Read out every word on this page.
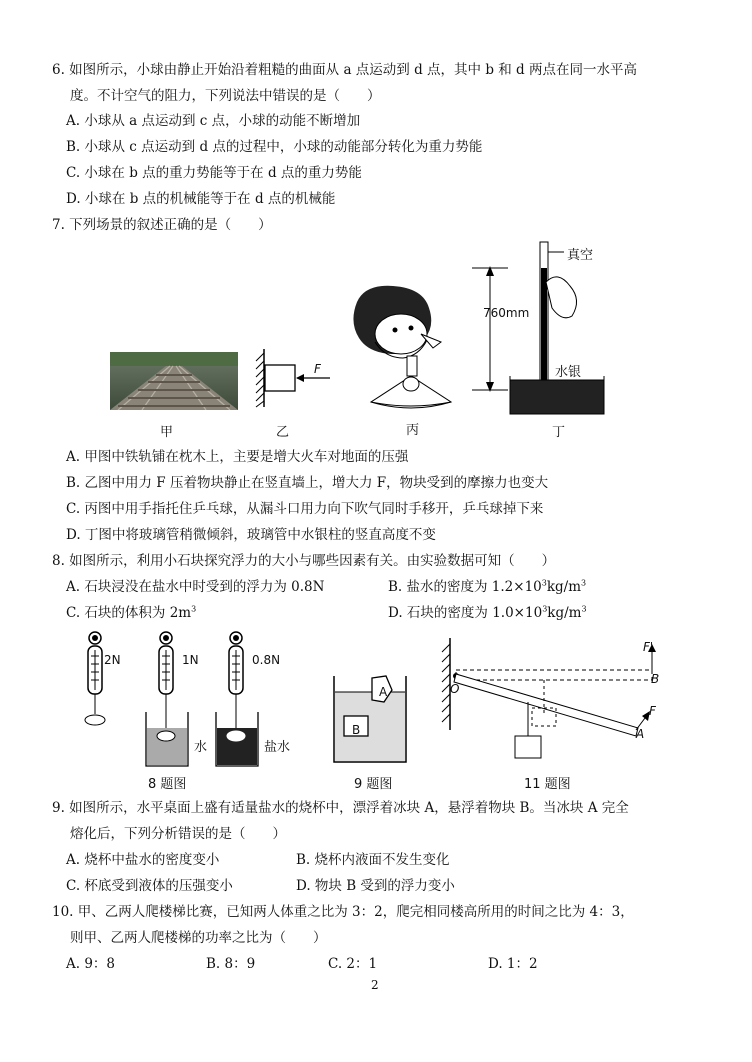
6. 如图所示，小球由静止开始沿着粗糙的曲面从 a 点运动到 d 点，其中 b 和 d 两点在同一水平高
度。不计空气的阻力，下列说法中错误的是（　　）
A. 小球从 a 点运动到 c 点，小球的动能不断增加
B. 小球从 c 点运动到 d 点的过程中，小球的动能部分转化为重力势能
C. 小球在 b 点的重力势能等于在 d 点的重力势能
D. 小球在 b 点的机械能等于在 d 点的机械能
7. 下列场景的叙述正确的是（　　）
F
真空
760mm
水银
甲	乙	丙	丁
A. 甲图中铁轨铺在枕木上，主要是增大火车对地面的压强
B. 乙图中用力 F 压着物块静止在竖直墙上，增大力 F，物块受到的摩擦力也变大
C. 丙图中用手指托住乒乓球，从漏斗口用力向下吹气同时手移开，乒乓球掉下来
D. 丁图中将玻璃管稍微倾斜，玻璃管中水银柱的竖直高度不变
8. 如图所示，利用小石块探究浮力的大小与哪些因素有关。由实验数据可知（　　）
A. 石块浸没在盐水中时受到的浮力为 0.8N	B. 盐水的密度为 $1.2\times 10^3kg/m^3$
C. 石块的体积为 $2m^3$	D. 石块的密度为 $1.0\times 10^3kg/m^3$
2N	1N	0.8N
水	盐水
A
B
O
B
A
F
F'
8 题图	9 题图	11 题图
9. 如图所示，水平桌面上盛有适量盐水的烧杯中，漂浮着冰块 A，悬浮着物块 B。当冰块 A 完全
熔化后，下列分析错误的是（　　）
A. 烧杯中盐水的密度变小	B. 烧杯内液面不发生变化
C. 杯底受到液体的压强变小	D. 物块 B 受到的浮力变小
10. 甲、乙两人爬楼梯比赛，已知两人体重之比为 3：2，爬完相同楼高所用的时间之比为 4：3，
则甲、乙两人爬楼梯的功率之比为（　　）
A. 9：8	B. 8：9	C. 2：1	D. 1：2
2
